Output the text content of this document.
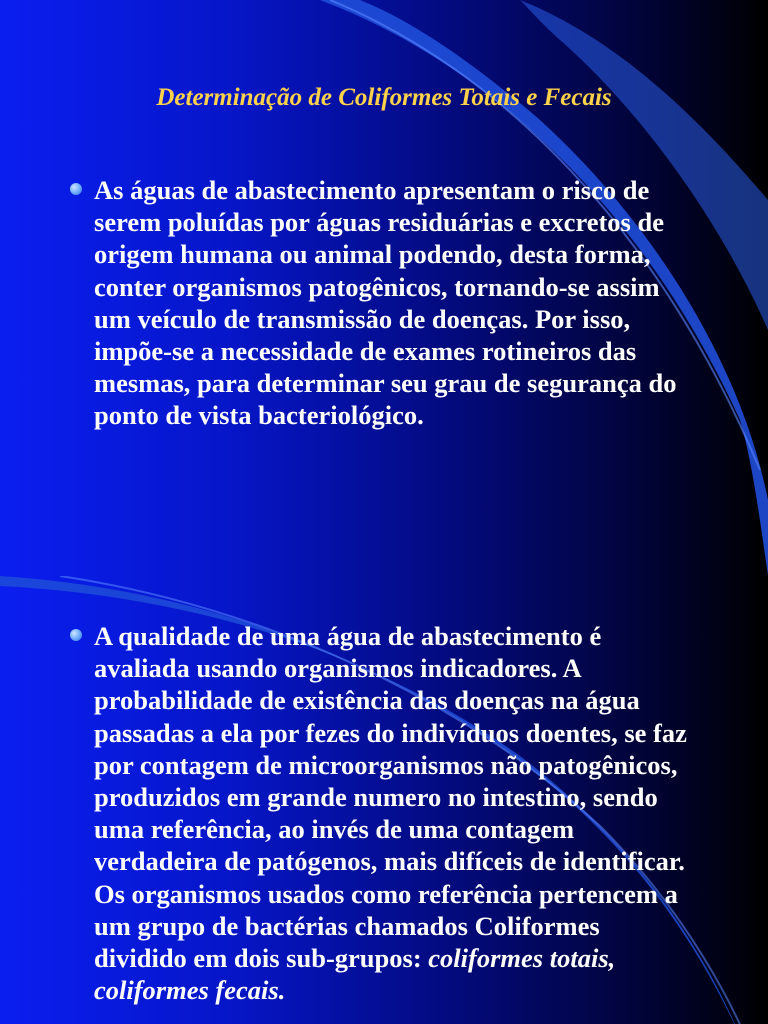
Determinação de Coliformes Totais e Fecais

As águas de abastecimento apresentam o risco de serem poluídas por águas residuárias e excretos de origem humana ou animal podendo, desta forma, conter organismos patogênicos, tornando-se assim um veículo de transmissão de doenças. Por isso, impõe-se a necessidade de exames rotineiros das mesmas, para determinar seu grau de segurança do ponto de vista bacteriológico.

A qualidade de uma água de abastecimento é avaliada usando organismos indicadores. A probabilidade de existência das doenças na água passadas a ela por fezes do indivíduos doentes, se faz por contagem de microorganismos não patogênicos, produzidos em grande numero no intestino, sendo uma referência, ao invés de uma contagem verdadeira de patógenos, mais difíceis de identificar. Os organismos usados como referência pertencem a um grupo de bactérias chamados Coliformes dividido em dois sub-grupos: coliformes totais, coliformes fecais.
